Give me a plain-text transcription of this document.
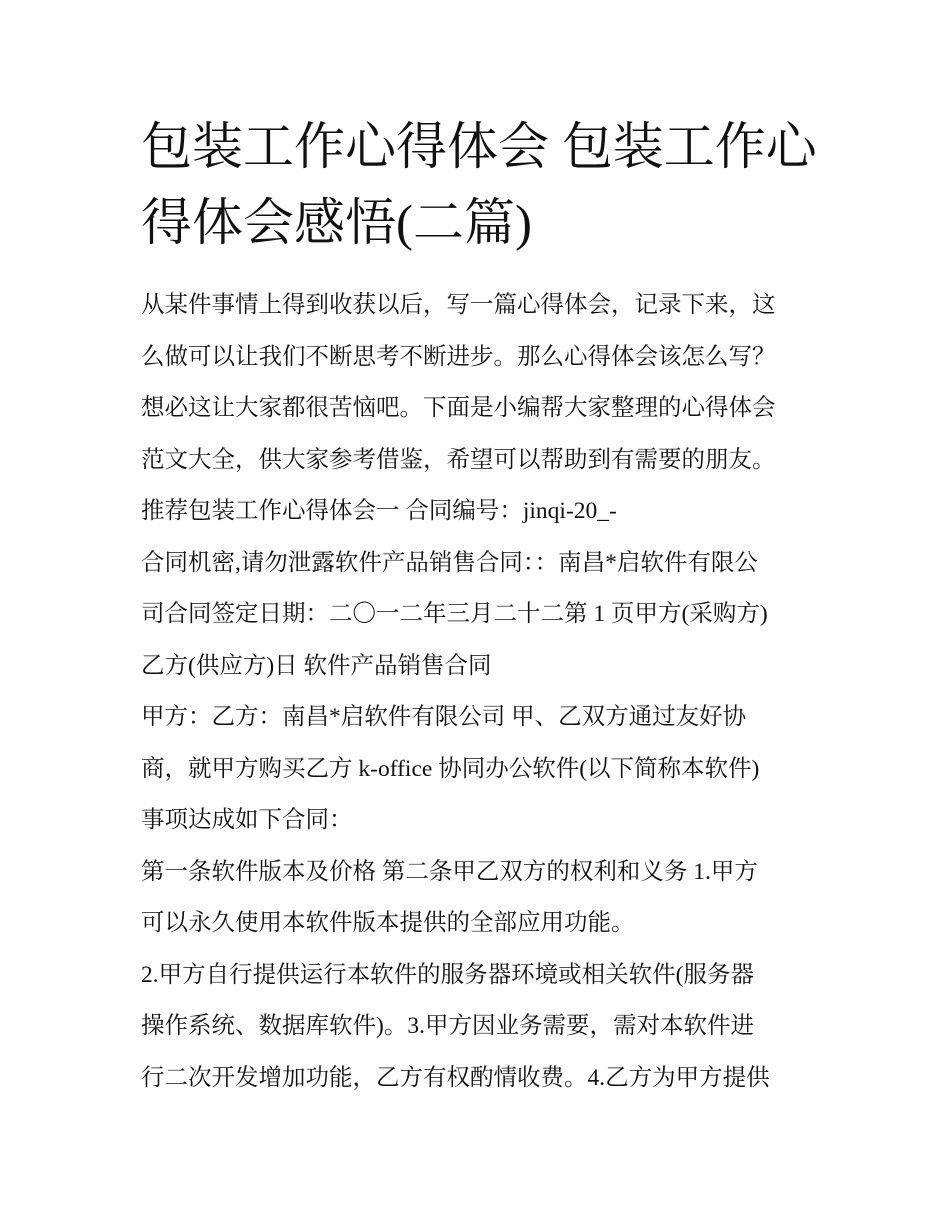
包装工作心得体会 包装工作心
得体会感悟(二篇)
从某件事情上得到收获以后，写一篇心得体会，记录下来，这
么做可以让我们不断思考不断进步。那么心得体会该怎么写？
想必这让大家都很苦恼吧。下面是小编帮大家整理的心得体会
范文大全，供大家参考借鉴，希望可以帮助到有需要的朋友。
推荐包装工作心得体会一 合同编号：jinqi-20_-
合同机密,请勿泄露软件产品销售合同：：南昌*启软件有限公
司合同签定日期：二〇一二年三月二十二第 1 页甲方(采购方)
乙方(供应方)日 软件产品销售合同
甲方：乙方：南昌*启软件有限公司 甲、乙双方通过友好协
商，就甲方购买乙方 k-office 协同办公软件(以下简称本软件)
事项达成如下合同：
第一条软件版本及价格 第二条甲乙双方的权利和义务 1.甲方
可以永久使用本软件版本提供的全部应用功能。
2.甲方自行提供运行本软件的服务器环境或相关软件(服务器
操作系统、数据库软件)。3.甲方因业务需要，需对本软件进
行二次开发增加功能，乙方有权酌情收费。4.乙方为甲方提供
